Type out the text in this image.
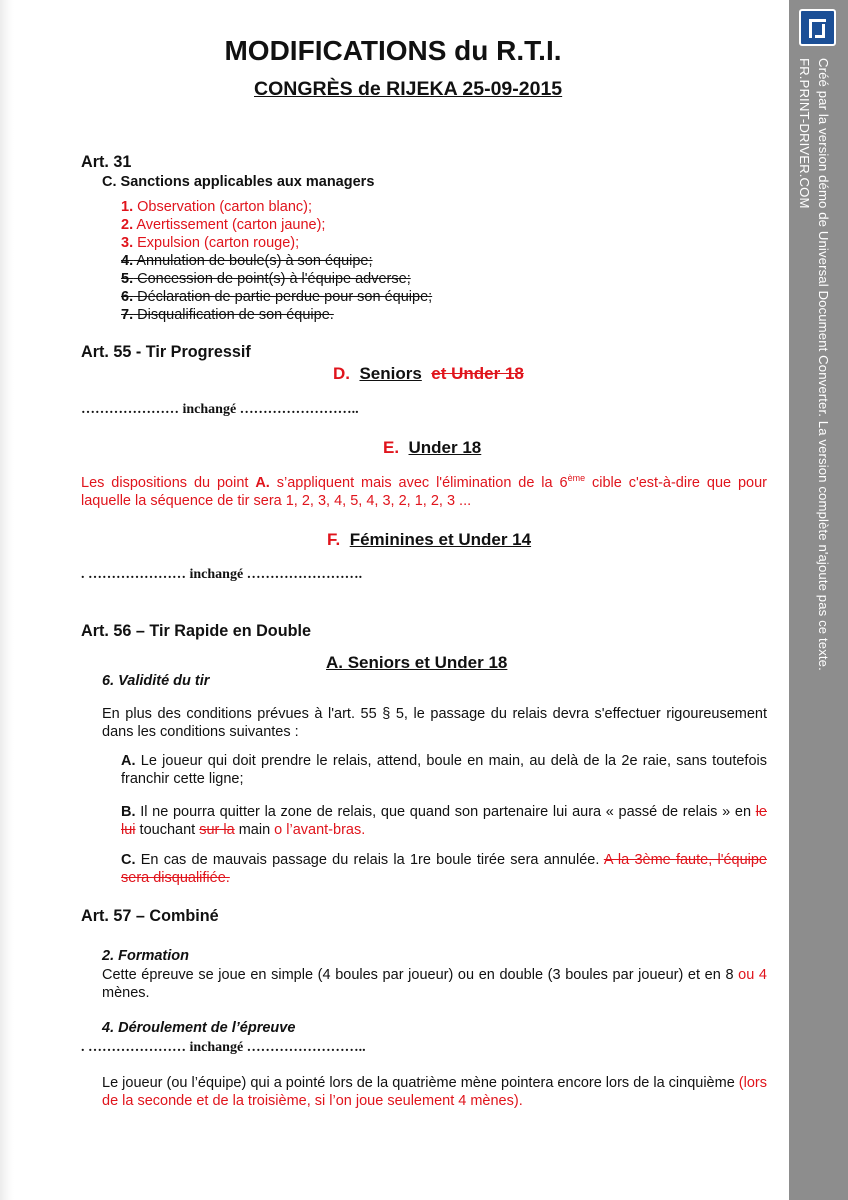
Créé par la version démo de Universal Document Converter. La version complète n'ajoute pas ce texte.
FR.PRINT-DRIVER.COM
MODIFICATIONS du R.T.I.
CONGRÈS de RIJEKA 25-09-2015
Art. 31
C. Sanctions applicables aux managers
1. Observation (carton blanc);
2. Avertissement (carton jaune);
3. Expulsion (carton rouge);
4. Annulation de boule(s) à son équipe;
5. Concession de point(s) à l'équipe adverse;
6. Déclaration de partie perdue pour son équipe;
7. Disqualification de son équipe.
Art. 55 - Tir Progressif
D. Seniors et Under 18
………………… inchangé ……………………..
E. Under 18
Les dispositions du point A. s’appliquent mais avec l'élimination de la 6ème cible c'est-à-dire que pour laquelle la séquence de tir sera 1, 2, 3, 4, 5, 4, 3, 2, 1, 2, 3 ...
F. Féminines et Under 14
. ………………… inchangé …………………….
Art. 56 – Tir Rapide en Double
A. Seniors et Under 18
6. Validité du tir
En plus des conditions prévues à l'art. 55 § 5, le passage du relais devra s'effectuer rigoureusement dans les conditions suivantes :
A. Le joueur qui doit prendre le relais, attend, boule en main, au delà de la 2e raie, sans toutefois franchir cette ligne;
B. Il ne pourra quitter la zone de relais, que quand son partenaire lui aura « passé de relais » en le lui touchant sur la main o l’avant-bras.
C. En cas de mauvais passage du relais la 1re boule tirée sera annulée. A la 3ème faute, l'équipe sera disqualifiée.
Art. 57 – Combiné
2. Formation
Cette épreuve se joue en simple (4 boules par joueur) ou en double (3 boules par joueur) et en 8 ou 4 mènes.
4. Déroulement de l’épreuve
. ………………… inchangé ……………………..
Le joueur (ou l’équipe) qui a pointé lors de la quatrième mène pointera encore lors de la cinquième (lors de la seconde et de la troisième, si l’on joue seulement 4 mènes).
